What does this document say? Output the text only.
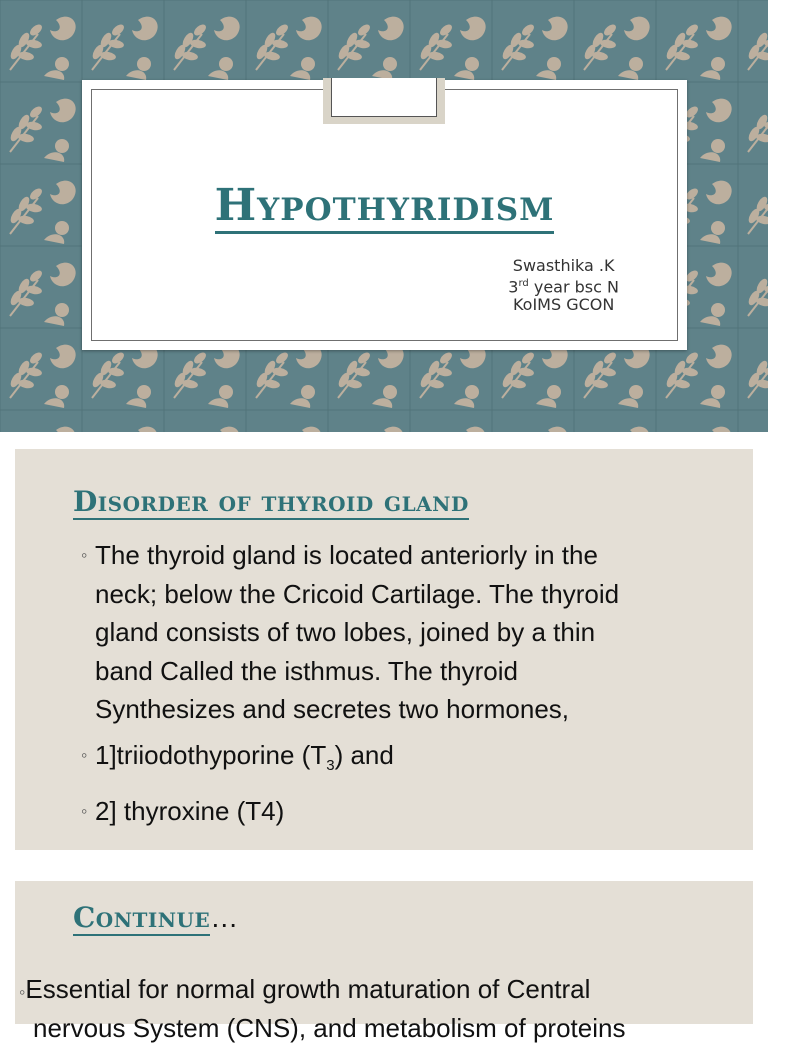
Hypothyridism
Swasthika .K
3rd year bsc N
KoIMS GCON
Disorder of thyroid gland
◦ The thyroid gland is located anteriorly in the
neck; below the Cricoid Cartilage. The thyroid
gland consists of two lobes, joined by a thin
band Called the isthmus. The thyroid
Synthesizes and secretes two hormones,
◦ 1]triiodothyporine $(T_3)$ and
◦ 2] thyroxine (T4)
Continue…
◦Essential for normal growth maturation of Central
nervous System (CNS), and metabolism of proteins
